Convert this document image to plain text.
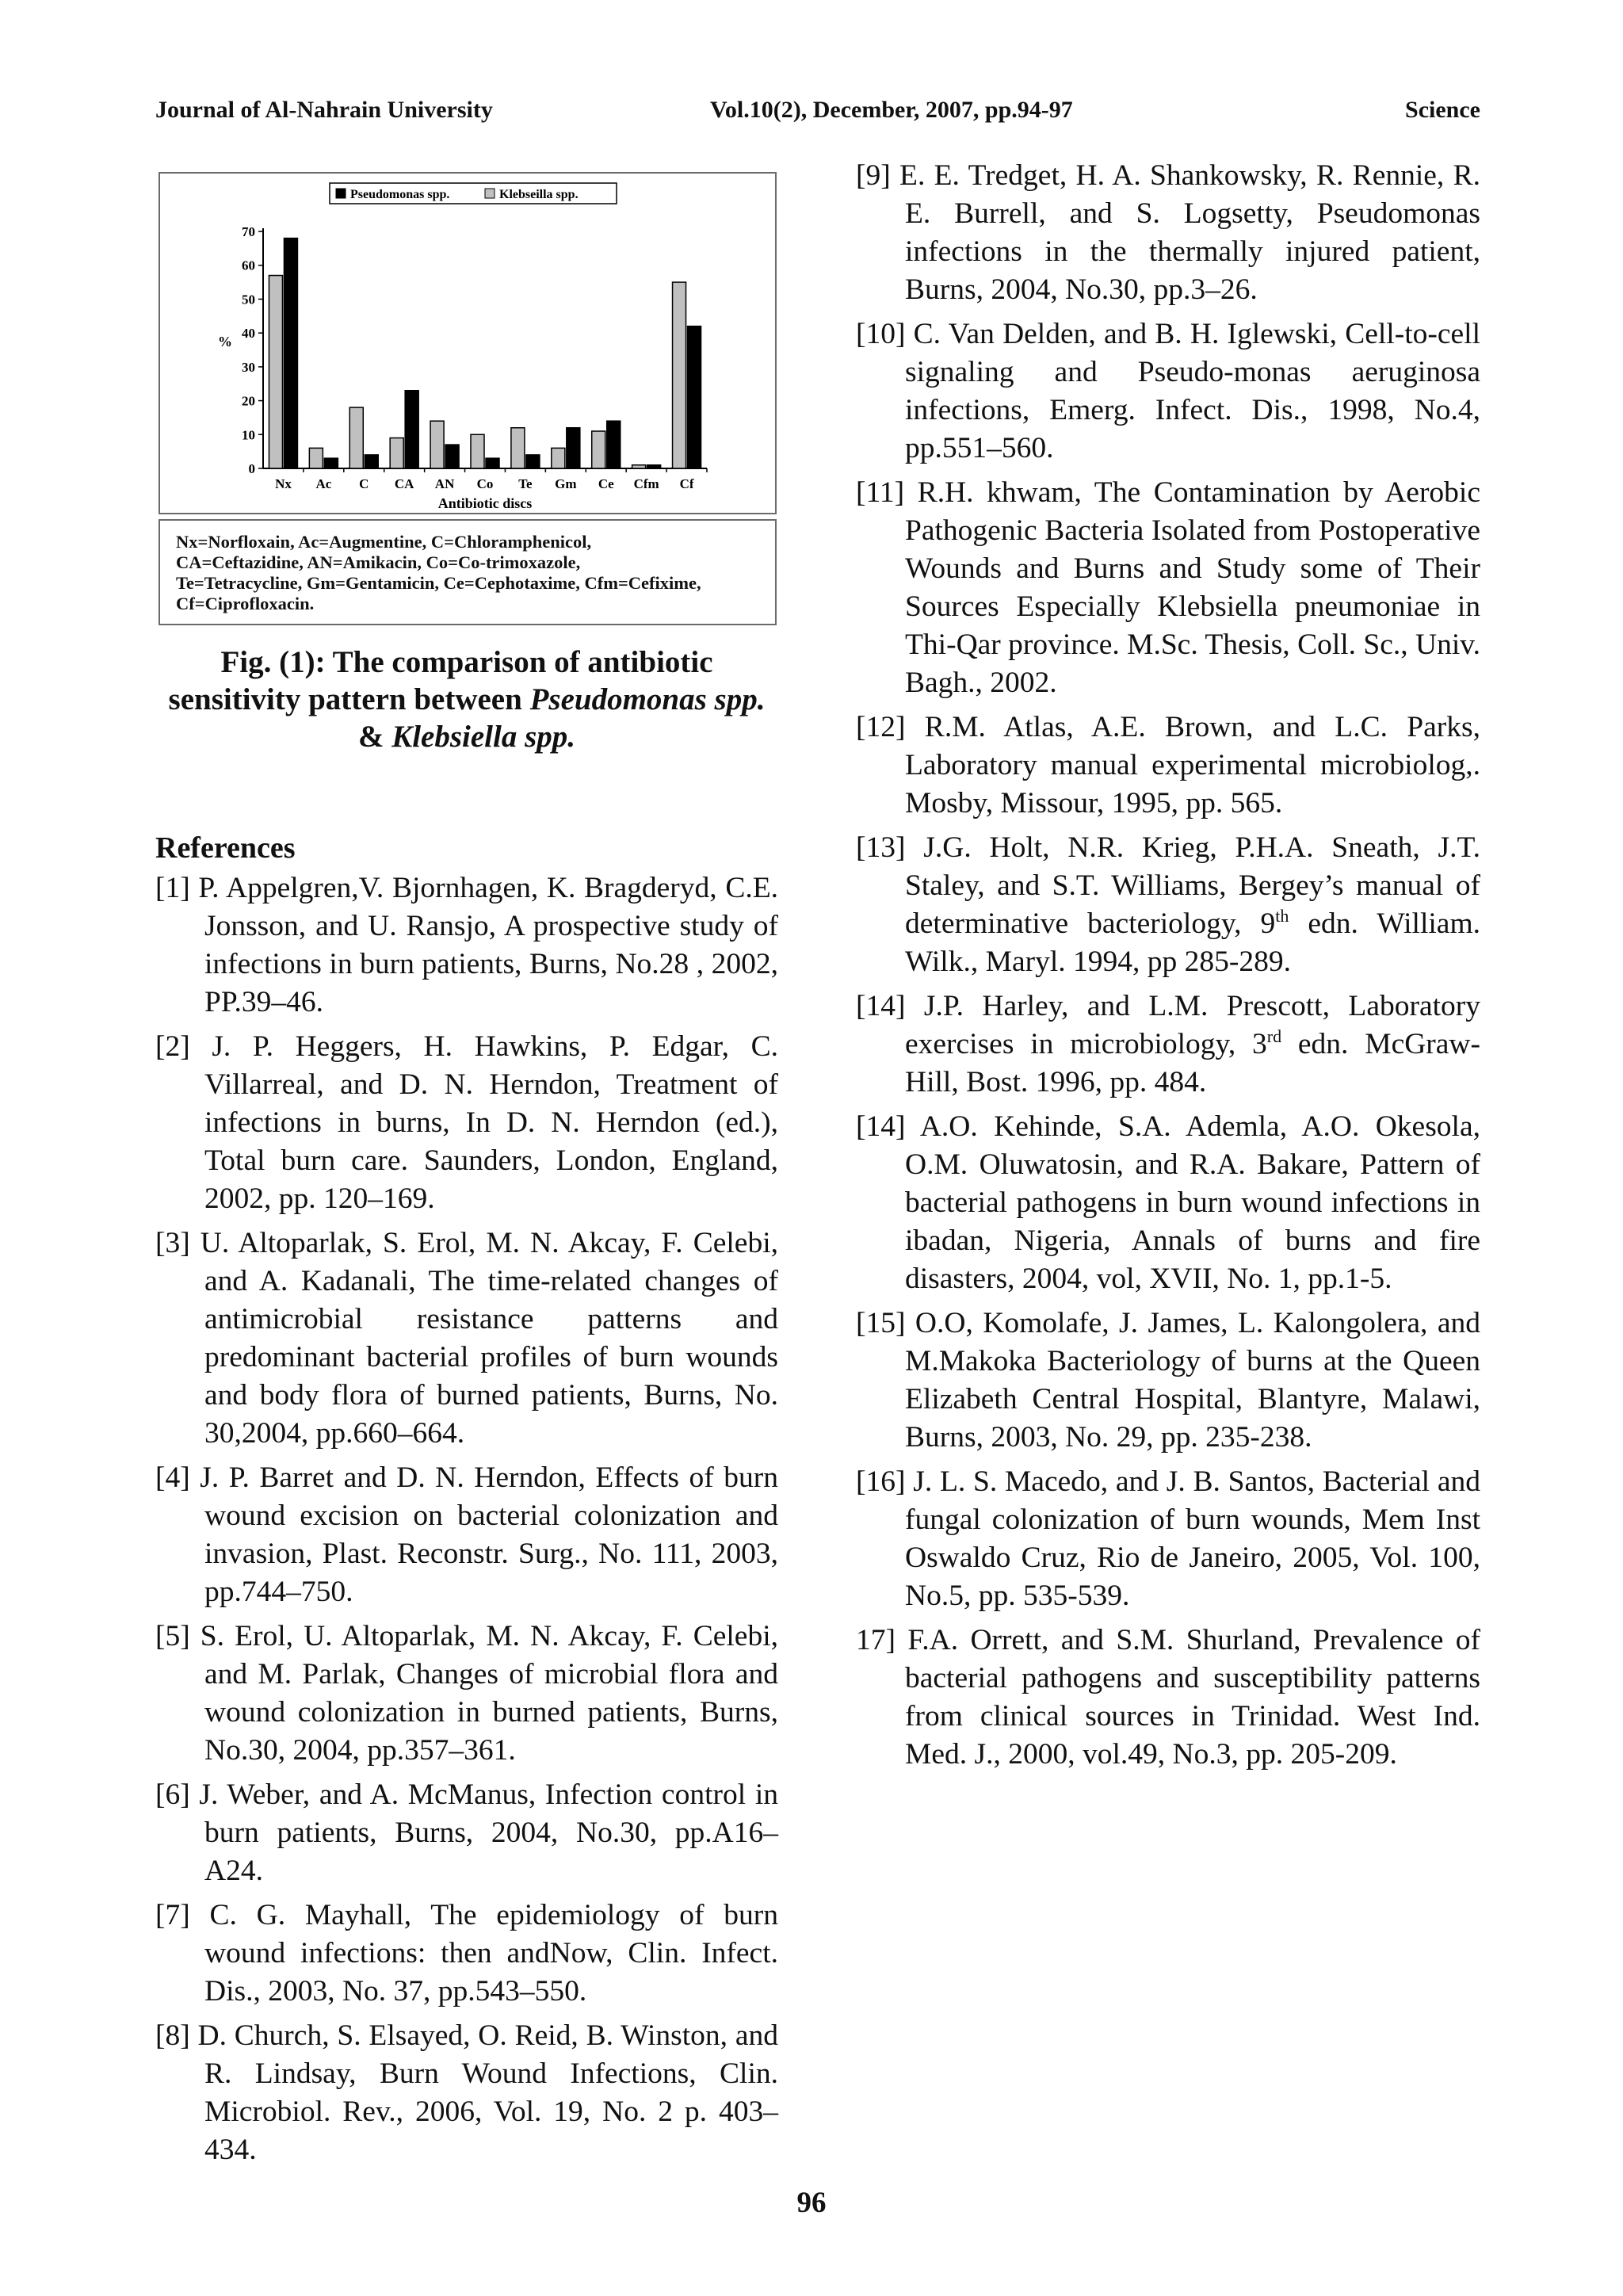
Journal of Al-Nahrain University	Vol.10(2), December, 2007, pp.94-97	Science
0
10
20
30
40
50
60
70
%
Nx Ac C CA AN Co Te Gm Ce Cfm Cf
Antibiotic discs
Pseudomonas spp.	Klebseilla spp.

Nx=Norfloxain, Ac=Augmentine, C=Chloramphenicol,
CA=Ceftazidine, AN=Amikacin, Co=Co-trimoxazole,
Te=Tetracycline, Gm=Gentamicin, Ce=Cephotaxime, Cfm=Cefixime,
Cf=Ciprofloxacin.

Fig. (1): The comparison of antibiotic sensitivity pattern between Pseudomonas spp. & Klebsiella spp.
References

[1] P. Appelgren,V. Bjornhagen, K. Bragderyd, C.E. Jonsson, and U. Ransjo, A prospective study of infections in burn patients, Burns, No.28 , 2002, PP.39–46.

[2] J. P. Heggers, H. Hawkins, P. Edgar, C. Villarreal, and D. N. Herndon, Treatment of infections in burns, In D. N. Herndon (ed.), Total burn care. Saunders, London, England, 2002, pp. 120–169.

[3] U. Altoparlak, S. Erol, M. N. Akcay, F. Celebi, and A. Kadanali, The time-related changes of antimicrobial resistance patterns and predominant bacterial profiles of burn wounds and body flora of burned patients, Burns, No. 30,2004, pp.660–664.

[4] J. P. Barret and D. N. Herndon, Effects of burn wound excision on bacterial colonization and invasion, Plast. Reconstr. Surg., No. 111, 2003, pp.744–750.

[5] S. Erol, U. Altoparlak, M. N. Akcay, F. Celebi, and M. Parlak, Changes of microbial flora and wound colonization in burned patients, Burns, No.30, 2004, pp.357–361.

[6] J. Weber, and A. McManus, Infection control in burn patients, Burns, 2004, No.30, pp.A16–A24.

[7] C. G. Mayhall, The epidemiology of burn wound infections: then andNow, Clin. Infect. Dis., 2003, No. 37, pp.543–550.

[8] D. Church, S. Elsayed, O. Reid, B. Winston, and R. Lindsay, Burn Wound Infections, Clin. Microbiol. Rev., 2006, Vol. 19, No. 2 p. 403–434.

[9] E. E. Tredget, H. A. Shankowsky, R. Rennie, R. E. Burrell, and S. Logsetty, Pseudomonas infections in the thermally injured patient, Burns, 2004, No.30, pp.3–26.

[10] C. Van Delden, and B. H. Iglewski, Cell-to-cell signaling and Pseudo-monas aeruginosa infections, Emerg. Infect. Dis., 1998, No.4, pp.551–560.

[11] R.H. khwam, The Contamination by Aerobic Pathogenic Bacteria Isolated from Postoperative Wounds and Burns and Study some of Their Sources Especially Klebsiella pneumoniae in Thi-Qar province. M.Sc. Thesis, Coll. Sc., Univ. Bagh., 2002.

[12] R.M. Atlas, A.E. Brown, and L.C. Parks, Laboratory manual experimental microbiolog,. Mosby, Missour, 1995, pp. 565.

[13] J.G. Holt, N.R. Krieg, P.H.A. Sneath, J.T. Staley, and S.T. Williams, Bergey’s manual of determinative bacteriology, 9th edn. William. Wilk., Maryl. 1994, pp 285-289.

[14] J.P. Harley, and L.M. Prescott, Laboratory exercises in microbiology, 3rd edn. McGraw-Hill, Bost. 1996, pp. 484.

[14] A.O. Kehinde, S.A. Ademla, A.O. Okesola, O.M. Oluwatosin, and R.A. Bakare, Pattern of bacterial pathogens in burn wound infections in ibadan, Nigeria, Annals of burns and fire disasters, 2004, vol, XVII, No. 1, pp.1-5.

[15] O.O, Komolafe, J. James, L. Kalongolera, and M.Makoka Bacteriology of burns at the Queen Elizabeth Central Hospital, Blantyre, Malawi, Burns, 2003, No. 29, pp. 235-238.

[16] J. L. S. Macedo, and J. B. Santos, Bacterial and fungal colonization of burn wounds, Mem Inst Oswaldo Cruz, Rio de Janeiro, 2005, Vol. 100, No.5, pp. 535-539.

17] F.A. Orrett, and S.M. Shurland, Prevalence of bacterial pathogens and susceptibility patterns from clinical sources in Trinidad. West Ind. Med. J., 2000, vol.49, No.3, pp. 205-209.

96
